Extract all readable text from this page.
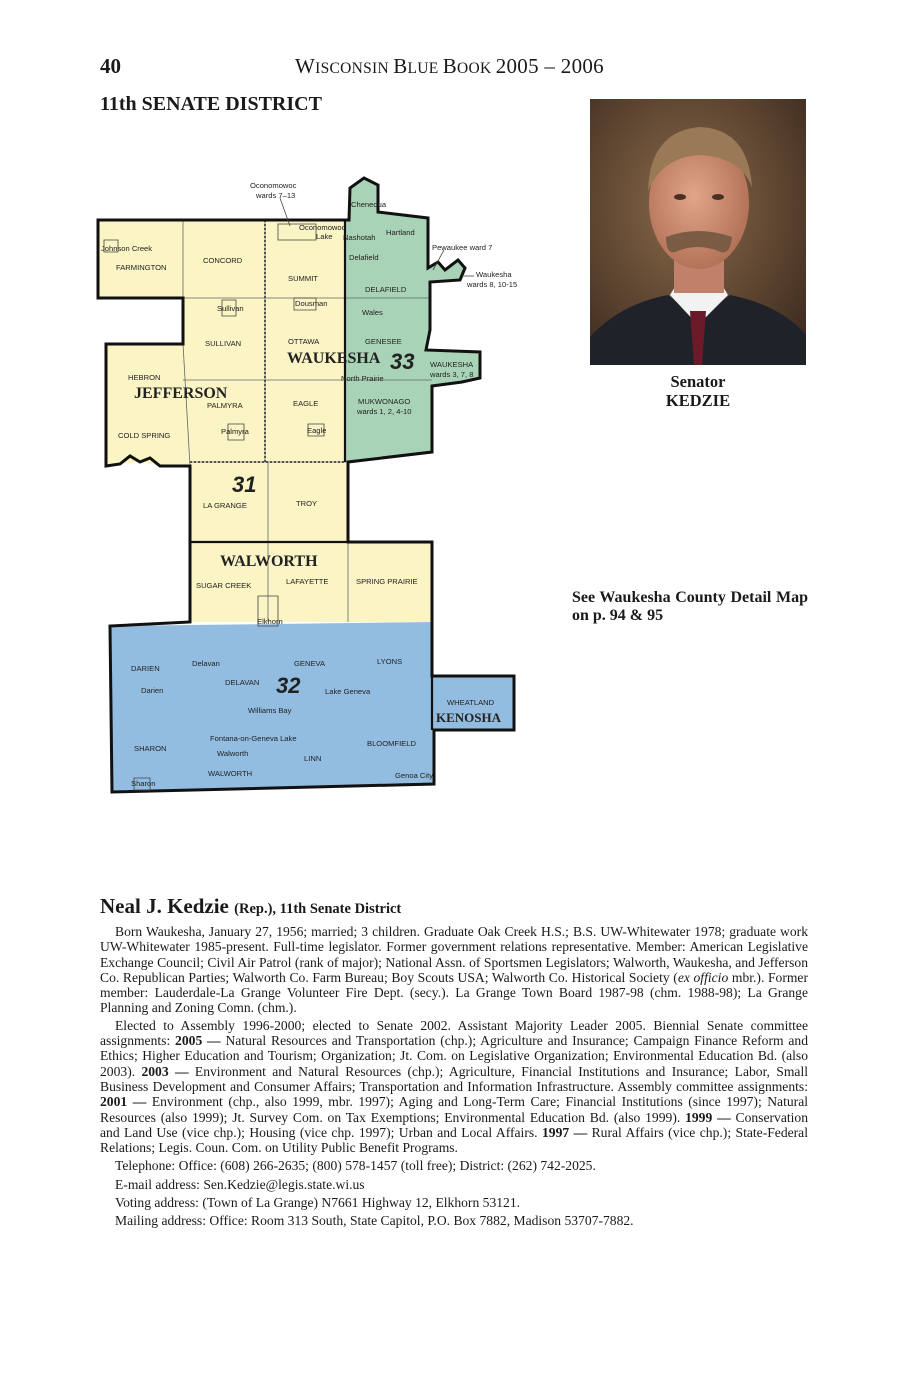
40	WISCONSIN BLUE BOOK 2005 – 2006
11th SENATE DISTRICT
JEFFERSON
WAUKESHA
WALWORTH
KENOSHA
33
31
32
Oconomowoc
wards 7–13
Chenequa
Oconomowoc
Lake Nashotah
Hartland
Pewaukee ward 7
Waukesha
wards 8, 10-15
Johnson Creek
FARMINGTON
CONCORD
SUMMIT
Delafield
DELAFIELD
Dousman
Sullivan	Wales
SULLIVAN	OTTAWA	GENESEE
WAUKESHA
wards 3, 7, 8
HEBRON	North Prairie
PALMYRA	EAGLE	MUKWONAGO
wards 1, 2, 4-10
COLD SPRING	Palmyra	Eagle
LA GRANGE	TROY
SUGAR CREEK	LAFAYETTE	SPRING PRAIRIE
Elkhorn
DARIEN
Delavan	GENEVA	LYONS
Darien
DELAVAN
Lake Geneva
WHEATLAND
Williams Bay
Fontana-on-Geneva Lake
SHARON
Walworth
LINN
BLOOMFIELD
WALWORTH	Genoa City
Sharon
Senator
KEDZIE
See Waukesha County Detail Map on p. 94 & 95
Neal J. Kedzie (Rep.), 11th Senate District

Born Waukesha, January 27, 1956; married; 3 children. Graduate Oak Creek H.S.; B.S. UW-Whitewater 1978; graduate work UW-Whitewater 1985-present. Full-time legislator. Former government relations representative. Member: American Legislative Exchange Council; Civil Air Patrol (rank of major); National Assn. of Sportsmen Legislators; Walworth, Waukesha, and Jefferson Co. Republican Parties; Walworth Co. Farm Bureau; Boy Scouts USA; Walworth Co. Historical Society (ex officio mbr.). Former member: Lauderdale-La Grange Volunteer Fire Dept. (secy.). La Grange Town Board 1987-98 (chm. 1988-98); La Grange Planning and Zoning Comn. (chm.).

Elected to Assembly 1996-2000; elected to Senate 2002. Assistant Majority Leader 2005. Biennial Senate committee assignments: 2005 — Natural Resources and Transportation (chp.); Agriculture and Insurance; Campaign Finance Reform and Ethics; Higher Education and Tourism; Organization; Jt. Com. on Legislative Organization; Environmental Education Bd. (also 2003). 2003 — Environment and Natural Resources (chp.); Agriculture, Financial Institutions and Insurance; Labor, Small Business Development and Consumer Affairs; Transportation and Information Infrastructure. Assembly committee assignments: 2001 — Environment (chp., also 1999, mbr. 1997); Aging and Long-Term Care; Financial Institutions (since 1997); Natural Resources (also 1999); Jt. Survey Com. on Tax Exemptions; Environmental Education Bd. (also 1999). 1999 — Conservation and Land Use (vice chp.); Housing (vice chp. 1997); Urban and Local Affairs. 1997 — Rural Affairs (vice chp.); State-Federal Relations; Legis. Coun. Com. on Utility Public Benefit Programs.

Telephone: Office: (608) 266-2635; (800) 578-1457 (toll free); District: (262) 742-2025.

E-mail address: Sen.Kedzie@legis.state.wi.us

Voting address: (Town of La Grange) N7661 Highway 12, Elkhorn 53121.

Mailing address: Office: Room 313 South, State Capitol, P.O. Box 7882, Madison 53707-7882.
